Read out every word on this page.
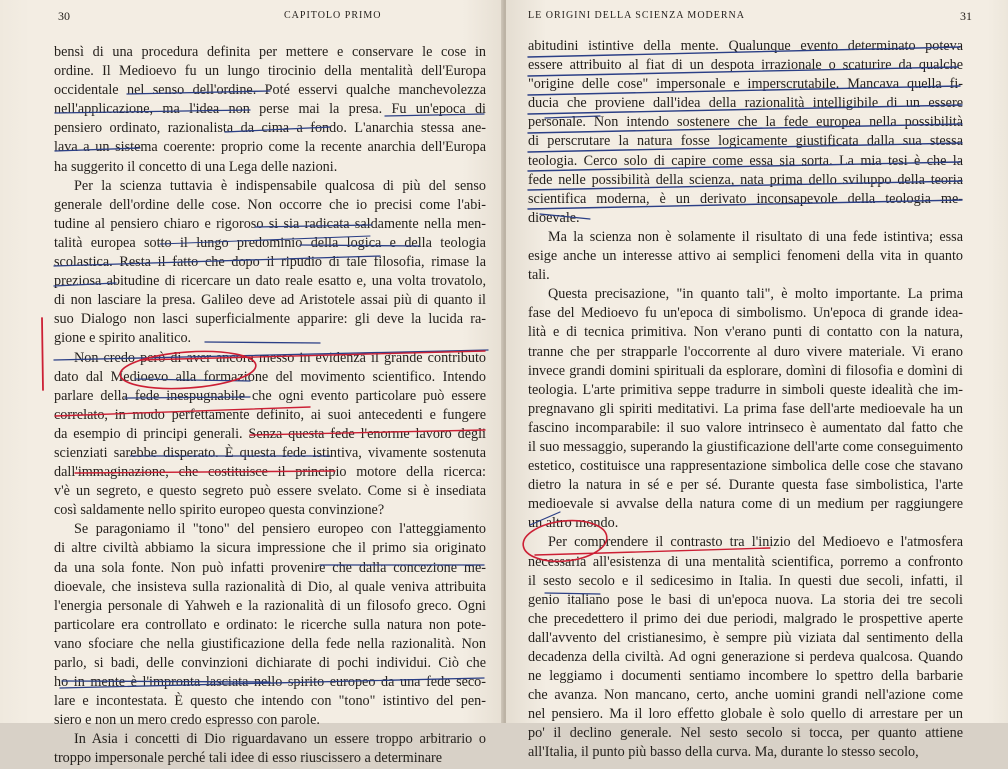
30	CAPITOLO PRIMO
bensì di una procedura definita per mettere e conservare le cose in
ordine. Il Medioevo fu un lungo tirocinio della mentalità dell'Europa
occidentale nel senso dell'ordine. Poté esservi qualche manchevolezza
nell'applicazione, ma l'idea non perse mai la presa. Fu un'epoca di
pensiero ordinato, razionalista da cima a fondo. L'anarchia stessa ane-
lava a un sistema coerente: proprio come la recente anarchia dell'Europa
ha suggerito il concetto di una Lega delle nazioni.
Per la scienza tuttavia è indispensabile qualcosa di più del senso
generale dell'ordine delle cose. Non occorre che io precisi come l'abi-
tudine al pensiero chiaro e rigoroso si sia radicata saldamente nella men-
talità europea sotto il lungo predominio della logica e della teologia
scolastica. Resta il fatto che dopo il ripudio di tale filosofia, rimase la
preziosa abitudine di ricercare un dato reale esatto e, una volta trovatolo,
di non lasciare la presa. Galileo deve ad Aristotele assai più di quanto il
suo Dialogo non lasci superficialmente apparire: gli deve la lucida ra-
gione e spirito analitico.
Non credo però di aver ancora messo in evidenza il grande contributo
dato dal Medioevo alla formazione del movimento scientifico. Intendo
parlare della fede inespugnabile che ogni evento particolare può essere
correlato, in modo perfettamente definito, ai suoi antecedenti e fungere
da esempio di principi generali. Senza questa fede l'enorme lavoro degli
scienziati sarebbe disperato. È questa fede istintiva, vivamente sostenuta
dall'immaginazione, che costituisce il principio motore della ricerca:
v'è un segreto, e questo segreto può essere svelato. Come si è insediata
così saldamente nello spirito europeo questa convinzione?
Se paragoniamo il "tono" del pensiero europeo con l'atteggiamento
di altre civiltà abbiamo la sicura impressione che il primo sia originato
da una sola fonte. Non può infatti provenire che dalla concezione me-
dioevale, che insisteva sulla razionalità di Dio, al quale veniva attribuita
l'energia personale di Yahweh e la razionalità di un filosofo greco. Ogni
particolare era controllato e ordinato: le ricerche sulla natura non pote-
vano sfociare che nella giustificazione della fede nella razionalità. Non
parlo, si badi, delle convinzioni dichiarate di pochi individui. Ciò che
ho in mente è l'impronta lasciata nello spirito europeo da una fede seco-
lare e incontestata. È questo che intendo con "tono" istintivo del pen-
siero e non un mero credo espresso con parole.
In Asia i concetti di Dio riguardavano un essere troppo arbitrario o
troppo impersonale perché tali idee di esso riuscissero a determinare
LE ORIGINI DELLA SCIENZA MODERNA	31
abitudini istintive della mente. Qualunque evento determinato poteva
essere attribuito al fiat di un despota irrazionale o scaturire da qualche
"origine delle cose" impersonale e imperscrutabile. Mancava quella fi-
ducia che proviene dall'idea della razionalità intelligibile di un essere
personale. Non intendo sostenere che la fede europea nella possibilità
di perscrutare la natura fosse logicamente giustificata dalla sua stessa
teologia. Cerco solo di capire come essa sia sorta. La mia tesi è che la
fede nelle possibilità della scienza, nata prima dello sviluppo della teoria
scientifica moderna, è un derivato inconsapevole della teologia me-
dioevale.
Ma la scienza non è solamente il risultato di una fede istintiva; essa
esige anche un interesse attivo ai semplici fenomeni della vita in quanto
tali.
Questa precisazione, "in quanto tali", è molto importante. La prima
fase del Medioevo fu un'epoca di simbolismo. Un'epoca di grande idea-
lità e di tecnica primitiva. Non v'erano punti di contatto con la natura,
tranne che per strapparle l'occorrente al duro vivere materiale. Vi erano
invece grandi domini spirituali da esplorare, domìni di filosofia e domìni di
teologia. L'arte primitiva seppe tradurre in simboli queste idealità che im-
pregnavano gli spiriti meditativi. La prima fase dell'arte medioevale ha un
fascino incomparabile: il suo valore intrinseco è aumentato dal fatto che
il suo messaggio, superando la giustificazione dell'arte come conseguimento
estetico, costituisce una rappresentazione simbolica delle cose che stavano
dietro la natura in sé e per sé. Durante questa fase simbolistica, l'arte
medioevale si avvalse della natura come di un medium per raggiungere
un altro mondo.
Per comprendere il contrasto tra l'inizio del Medioevo e l'atmosfera
necessaria all'esistenza di una mentalità scientifica, porremo a confronto
il sesto secolo e il sedicesimo in Italia. In questi due secoli, infatti, il
genio italiano pose le basi di un'epoca nuova. La storia dei tre secoli
che precedettero il primo dei due periodi, malgrado le prospettive aperte
dall'avvento del cristianesimo, è sempre più viziata dal sentimento della
decadenza della civiltà. Ad ogni generazione si perdeva qualcosa. Quando
ne leggiamo i documenti sentiamo incombere lo spettro della barbarie
che avanza. Non mancano, certo, anche uomini grandi nell'azione come
nel pensiero. Ma il loro effetto globale è solo quello di arrestare per un
po' il declino generale. Nel sesto secolo si tocca, per quanto attiene
all'Italia, il punto più basso della curva. Ma, durante lo stesso secolo,
